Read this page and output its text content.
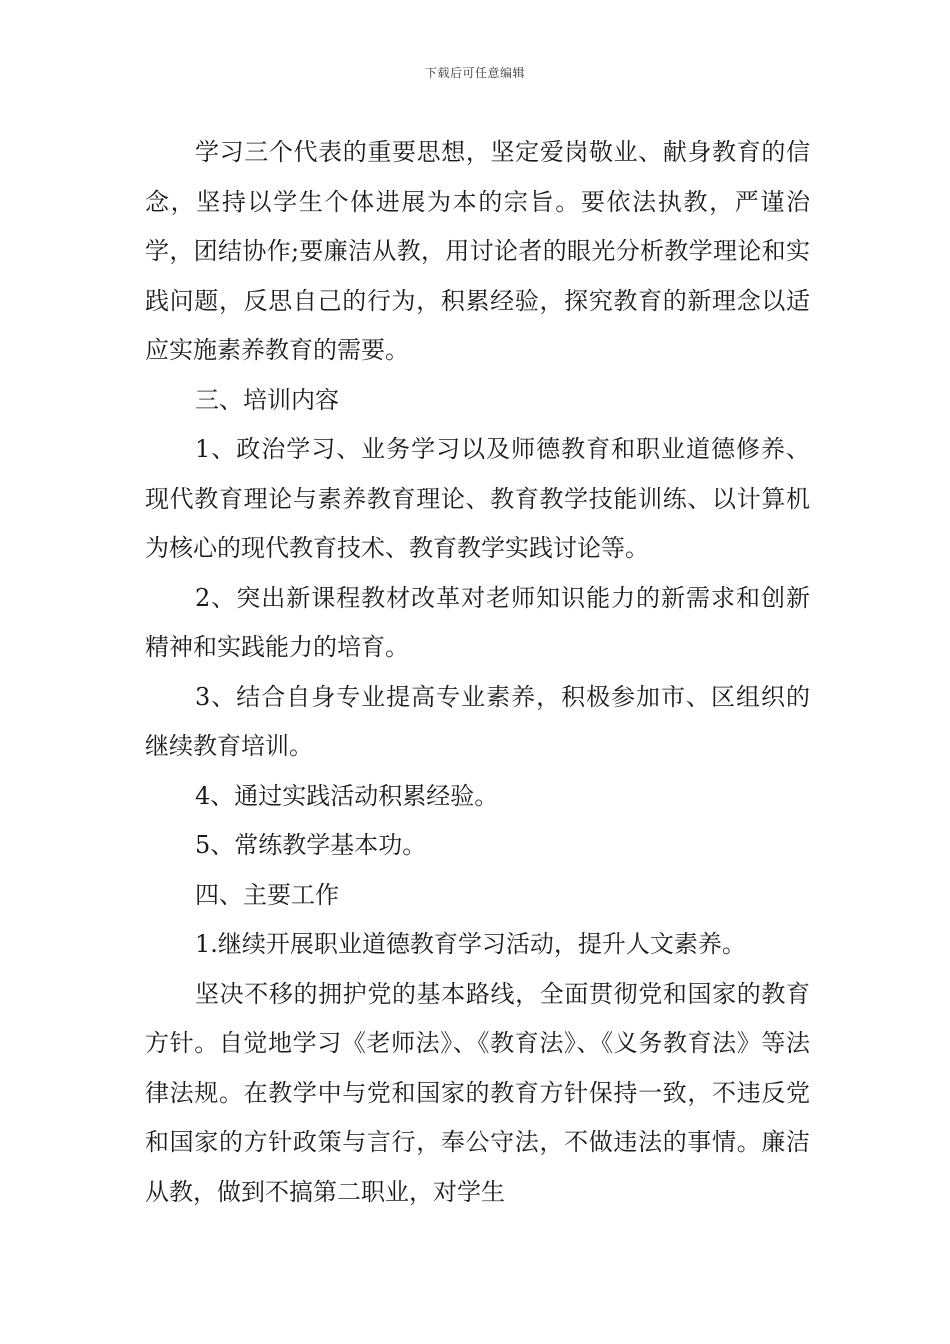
下载后可任意编辑

学习三个代表的重要思想，坚定爱岗敬业、献身教育的信念，坚持以学生个体进展为本的宗旨。要依法执教，严谨治学，团结协作;要廉洁从教，用讨论者的眼光分析教学理论和实践问题，反思自己的行为，积累经验，探究教育的新理念以适应实施素养教育的需要。

三、培训内容

1、政治学习、业务学习以及师德教育和职业道德修养、现代教育理论与素养教育理论、教育教学技能训练、以计算机为核心的现代教育技术、教育教学实践讨论等。

2、突出新课程教材改革对老师知识能力的新需求和创新精神和实践能力的培育。

3、结合自身专业提高专业素养，积极参加市、区组织的继续教育培训。

4、通过实践活动积累经验。

5、常练教学基本功。

四、主要工作

1.继续开展职业道德教育学习活动，提升人文素养。

坚决不移的拥护党的基本路线，全面贯彻党和国家的教育方针。自觉地学习《老师法》、《教育法》、《义务教育法》等法律法规。在教学中与党和国家的教育方针保持一致，不违反党和国家的方针政策与言行，奉公守法，不做违法的事情。廉洁从教，做到不搞第二职业，对学生
